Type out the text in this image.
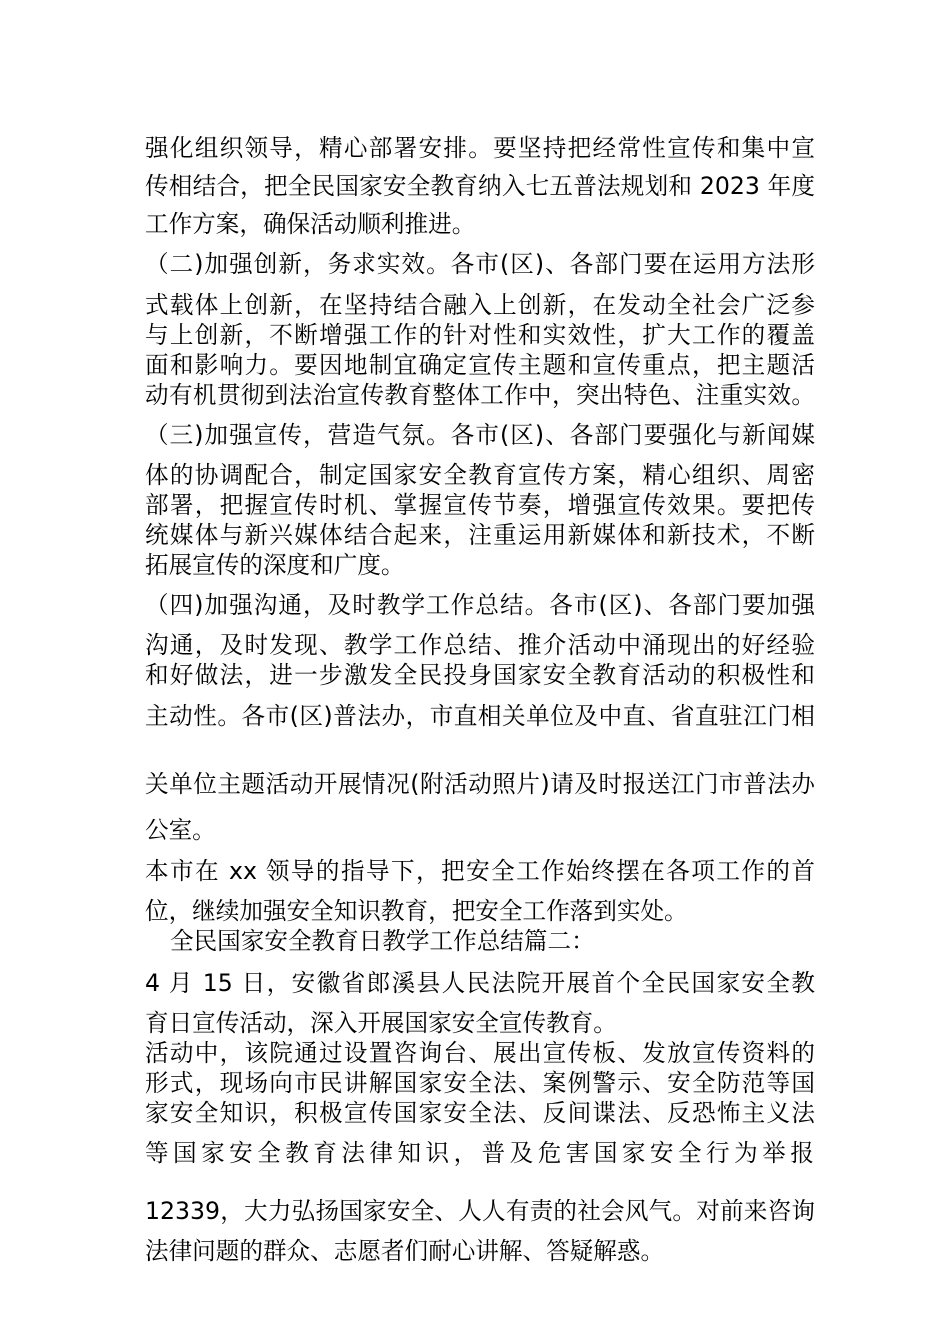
强化组织领导，精心部署安排。要坚持把经常性宣传和集中宣
传相结合，把全民国家安全教育纳入七五普法规划和 2023 年度
工作方案，确保活动顺利推进。
（二)加强创新，务求实效。各市(区)、各部门要在运用方法形
式载体上创新，在坚持结合融入上创新，在发动全社会广泛参
与上创新，不断增强工作的针对性和实效性，扩大工作的覆盖
面和影响力。要因地制宜确定宣传主题和宣传重点，把主题活
动有机贯彻到法治宣传教育整体工作中，突出特色、注重实效。
（三)加强宣传，营造气氛。各市(区)、各部门要强化与新闻媒
体的协调配合，制定国家安全教育宣传方案，精心组织、周密
部署，把握宣传时机、掌握宣传节奏，增强宣传效果。要把传
统媒体与新兴媒体结合起来，注重运用新媒体和新技术，不断
拓展宣传的深度和广度。
（四)加强沟通，及时教学工作总结。各市(区)、各部门要加强
沟通，及时发现、教学工作总结、推介活动中涌现出的好经验
和好做法，进一步激发全民投身国家安全教育活动的积极性和
主动性。各市(区)普法办，市直相关单位及中直、省直驻江门相
关单位主题活动开展情况(附活动照片)请及时报送江门市普法办
公室。
本市在 xx 领导的指导下，把安全工作始终摆在各项工作的首
位，继续加强安全知识教育，把安全工作落到实处。
全民国家安全教育日教学工作总结篇二：
4 月 15 日，安徽省郎溪县人民法院开展首个全民国家安全教
育日宣传活动，深入开展国家安全宣传教育。
活动中，该院通过设置咨询台、展出宣传板、发放宣传资料的
形式，现场向市民讲解国家安全法、案例警示、安全防范等国
家安全知识，积极宣传国家安全法、反间谍法、反恐怖主义法
等国家安全教育法律知识，普及危害国家安全行为举报
12339，大力弘扬国家安全、人人有责的社会风气。对前来咨询
法律问题的群众、志愿者们耐心讲解、答疑解惑。
